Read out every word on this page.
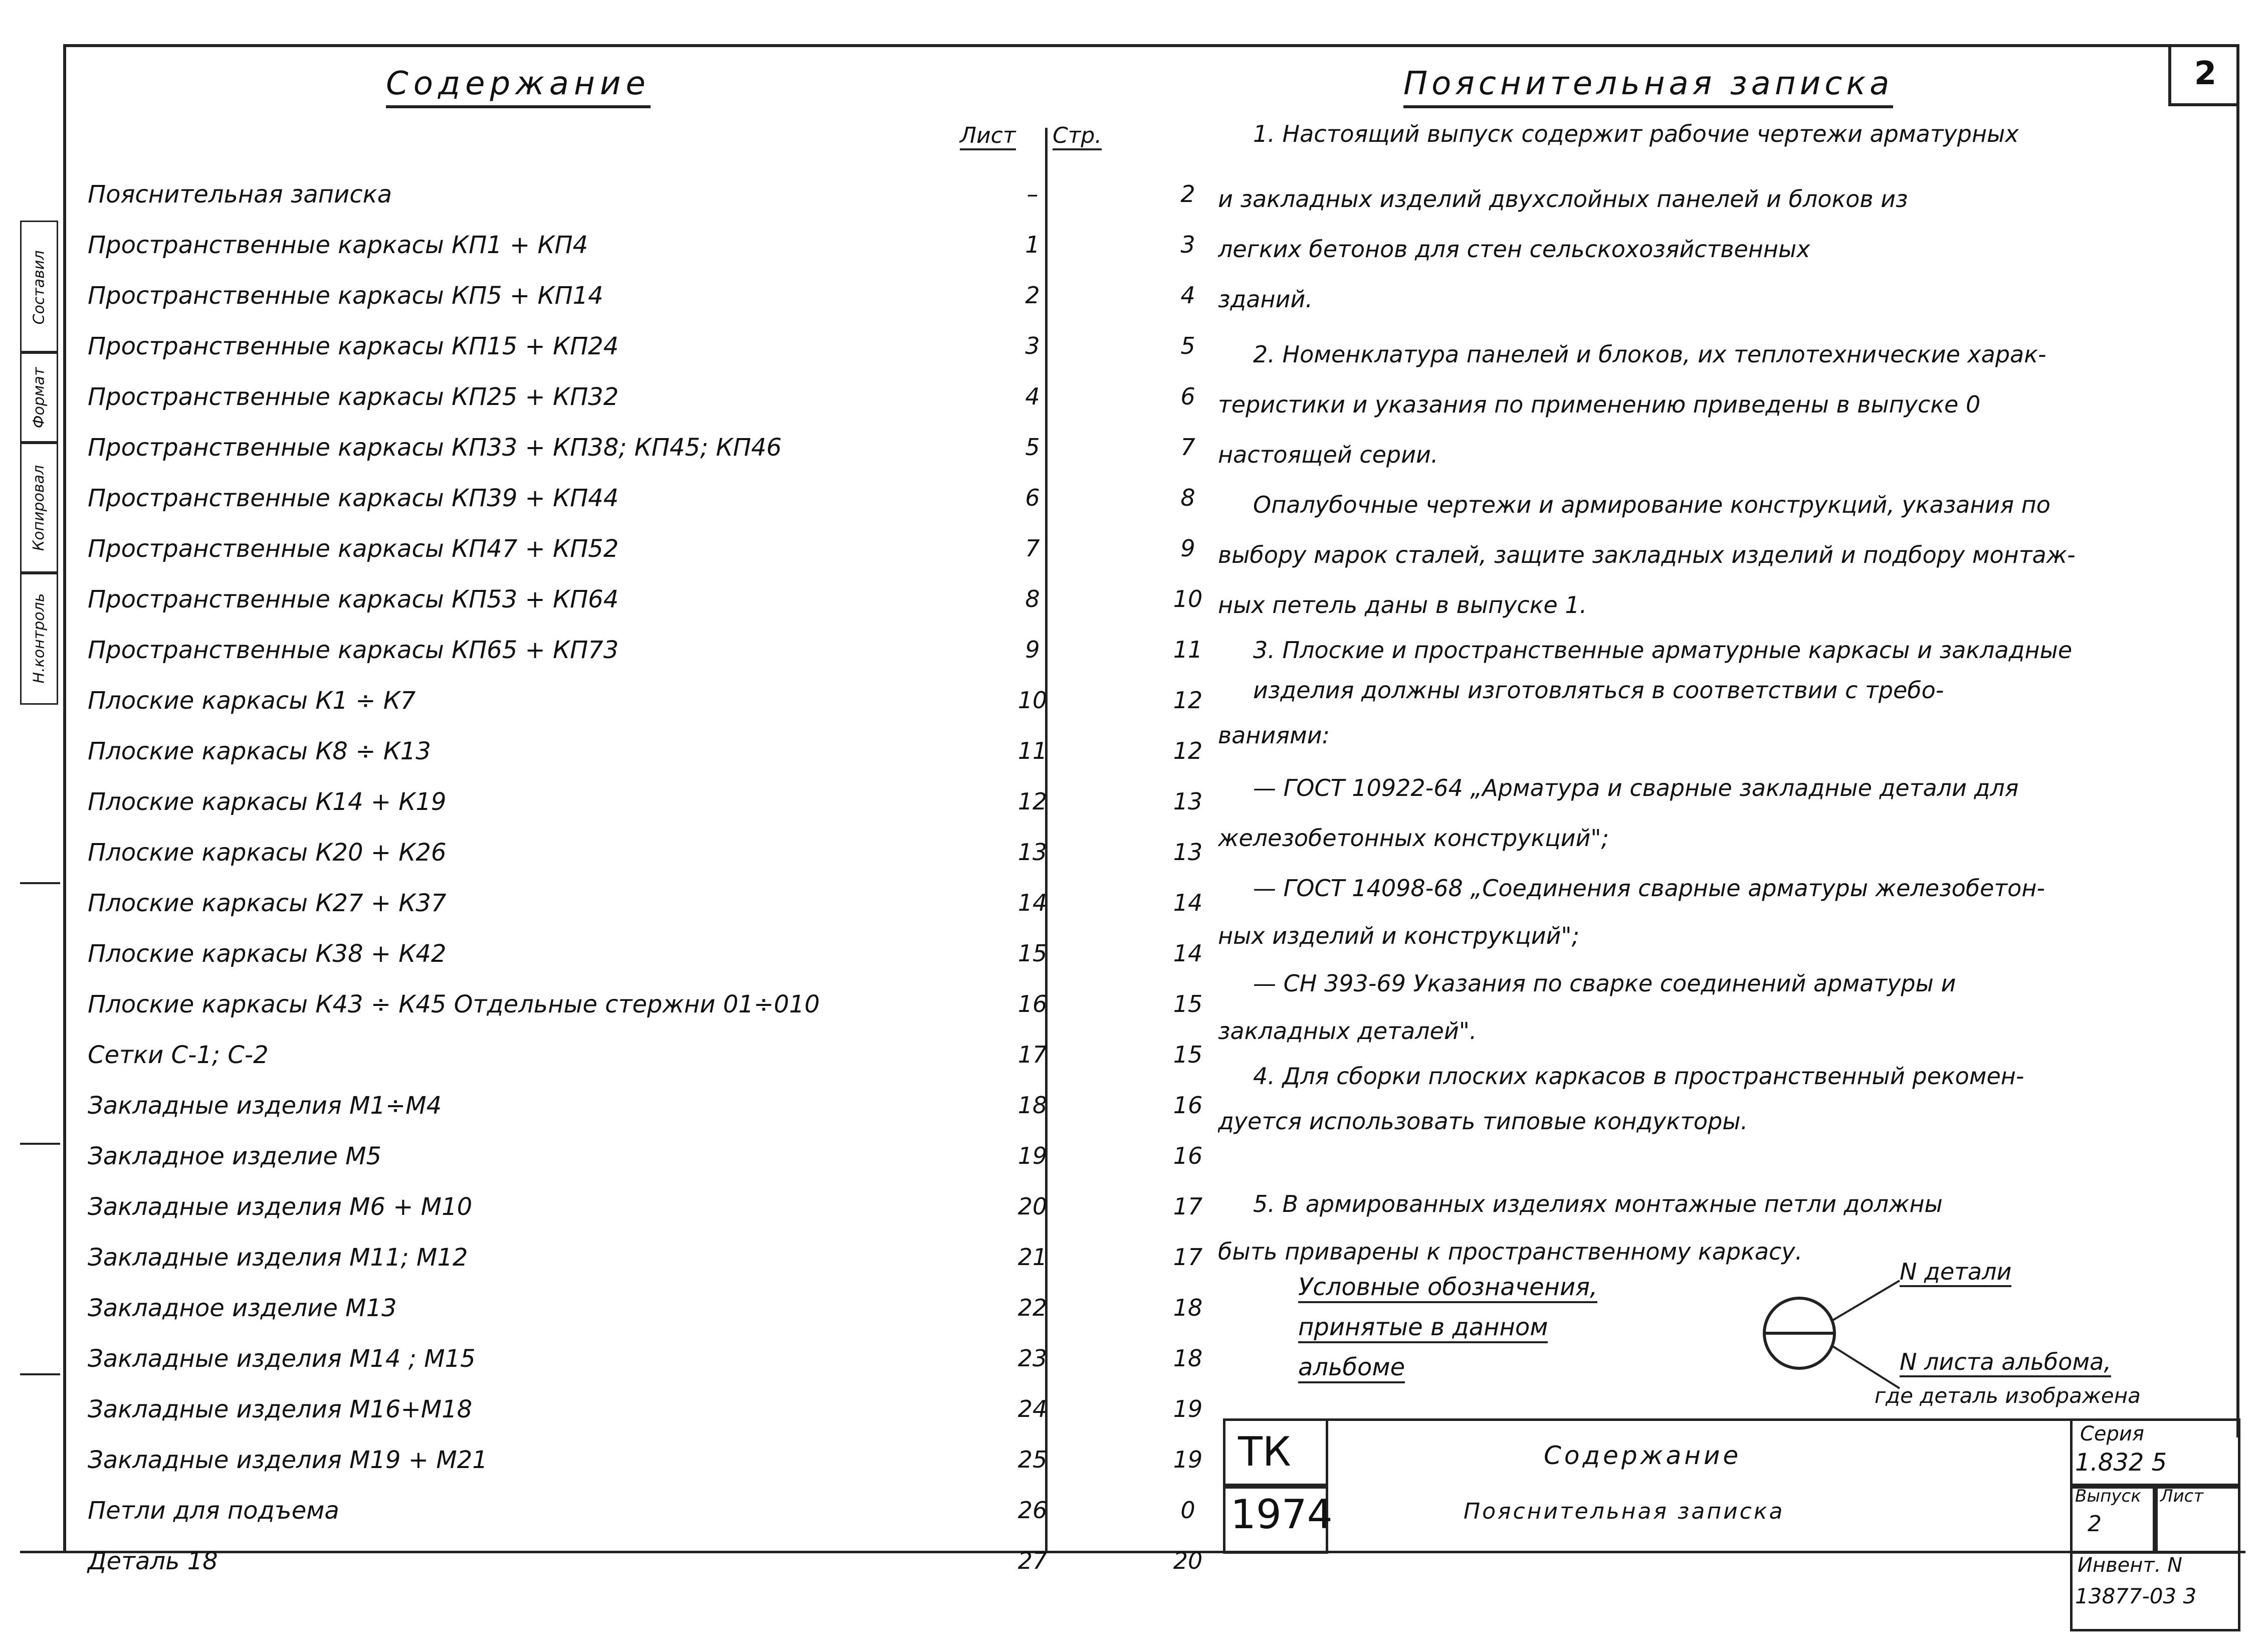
2
Составил
Формат
Копировал
Н.контроль
Содержание
Лист Стр.
Пояснительная записка	–	2
Пространственные каркасы КП1 + КП4	1	3
Пространственные каркасы КП5 + КП14	2	4
Пространственные каркасы КП15 + КП24	3	5
Пространственные каркасы КП25 + КП32	4	6
Пространственные каркасы КП33 + КП38; КП45; КП46	5	7
Пространственные каркасы КП39 + КП44	6	8
Пространственные каркасы КП47 + КП52	7	9
Пространственные каркасы КП53 + КП64	8	10
Пространственные каркасы КП65 + КП73	9	11
Плоские каркасы К1 ÷ К7	10	12
Плоские каркасы К8 ÷ К13	11	12
Плоские каркасы К14 + К19	12	13
Плоские каркасы К20 + К26	13	13
Плоские каркасы К27 + К37	14	14
Плоские каркасы К38 + К42	15	14
Плоские каркасы К43 ÷ К45 Отдельные стержни 01÷010	16	15
Сетки С-1; С-2	17	15
Закладные изделия М1÷М4	18	16
Закладное изделие М5	19	16
Закладные изделия М6 + М10	20	17
Закладные изделия М11; М12	21	17
Закладное изделие М13	22	18
Закладные изделия М14 ; М15	23	18
Закладные изделия М16+М18	24	19
Закладные изделия М19 + М21	25	19
Петли для подъема	26	0
Деталь 18	27	20
Пояснительная записка
1. Настоящий выпуск содержит рабочие чертежи арматурных
и закладных изделий двухслойных панелей и блоков из
легких бетонов для стен сельскохозяйственных
зданий.
2. Номенклатура панелей и блоков, их теплотехнические харак-
теристики и указания по применению приведены в выпуске 0
настоящей серии.
Опалубочные чертежи и армирование конструкций, указания по
выбору марок сталей, защите закладных изделий и подбору монтаж-
ных петель даны в выпуске 1.
3. Плоские и пространственные арматурные каркасы и закладные
изделия должны изготовляться в соответствии с требо-
ваниями:
— ГОСТ 10922-64 „Арматура и сварные закладные детали для
железобетонных конструкций";
— ГОСТ 14098-68 „Соединения сварные арматуры железобетон-
ных изделий и конструкций";
— СН 393-69 Указания по сварке соединений арматуры и
закладных деталей".
4. Для сборки плоских каркасов в пространственный рекомен-
дуется использовать типовые кондукторы.
5. В армированных изделиях монтажные петли должны
быть приварены к пространственному каркасу.
Условные обозначения,
принятые в данном
альбоме
N детали
N листа альбома,
где деталь изображена
ТК
1974
Содержание
Пояснительная записка
Серия
1.832 5
Выпуск
2
Лист
Инвент. N
13877-03 3
